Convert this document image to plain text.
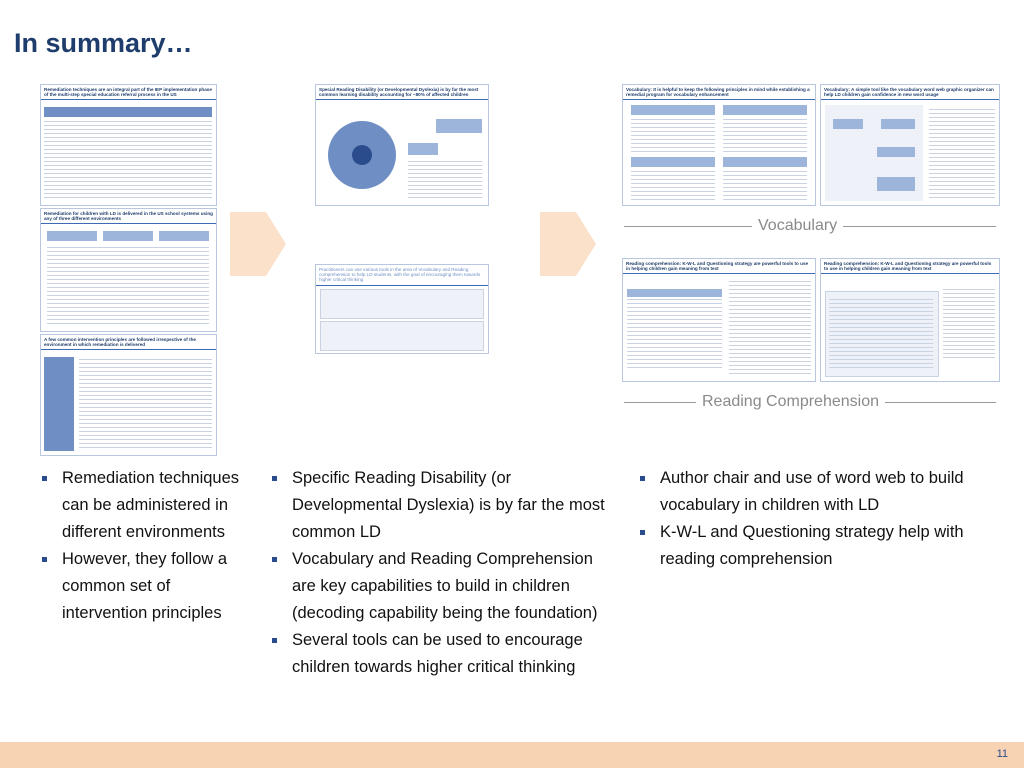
In summary…
Remediation techniques are an integral part of the IEP implementation phase of the multi-step special education referral process in the US
Remediation for children with LD is delivered in the US school systems using any of three different environments
A few common intervention principles are followed irrespective of the environment in which remediation is delivered
Special Reading Disability (or Developmental Dyslexia) is by far the most common learning disability accounting for ~80% of affected children
Practitioners can use various tools in the area of Vocabulary and Reading comprehension to help LD students, with the goal of encouraging them towards higher critical thinking
Vocabulary: It is helpful to keep the following principles in mind while establishing a remedial program for vocabulary enhancement
Vocabulary: A simple tool like the vocabulary word web graphic organizer can help LD children gain confidence in new word usage
Vocabulary
Reading comprehension: K-W-L and Questioning strategy are powerful tools to use in helping children gain meaning from text
Reading comprehension: K-W-L and Questioning strategy are powerful tools to use in helping children gain meaning from text
Reading Comprehension
Remediation techniques can be administered in different environments
However, they follow a common set of intervention principles
Specific Reading Disability (or Developmental Dyslexia) is by far the most common LD
Vocabulary and Reading Comprehension are key capabilities to build in children (decoding capability being the foundation)
Several tools can be used to encourage children towards higher critical thinking
Author chair and use of word web to build vocabulary in children with LD
K-W-L and Questioning strategy help with reading comprehension
11
